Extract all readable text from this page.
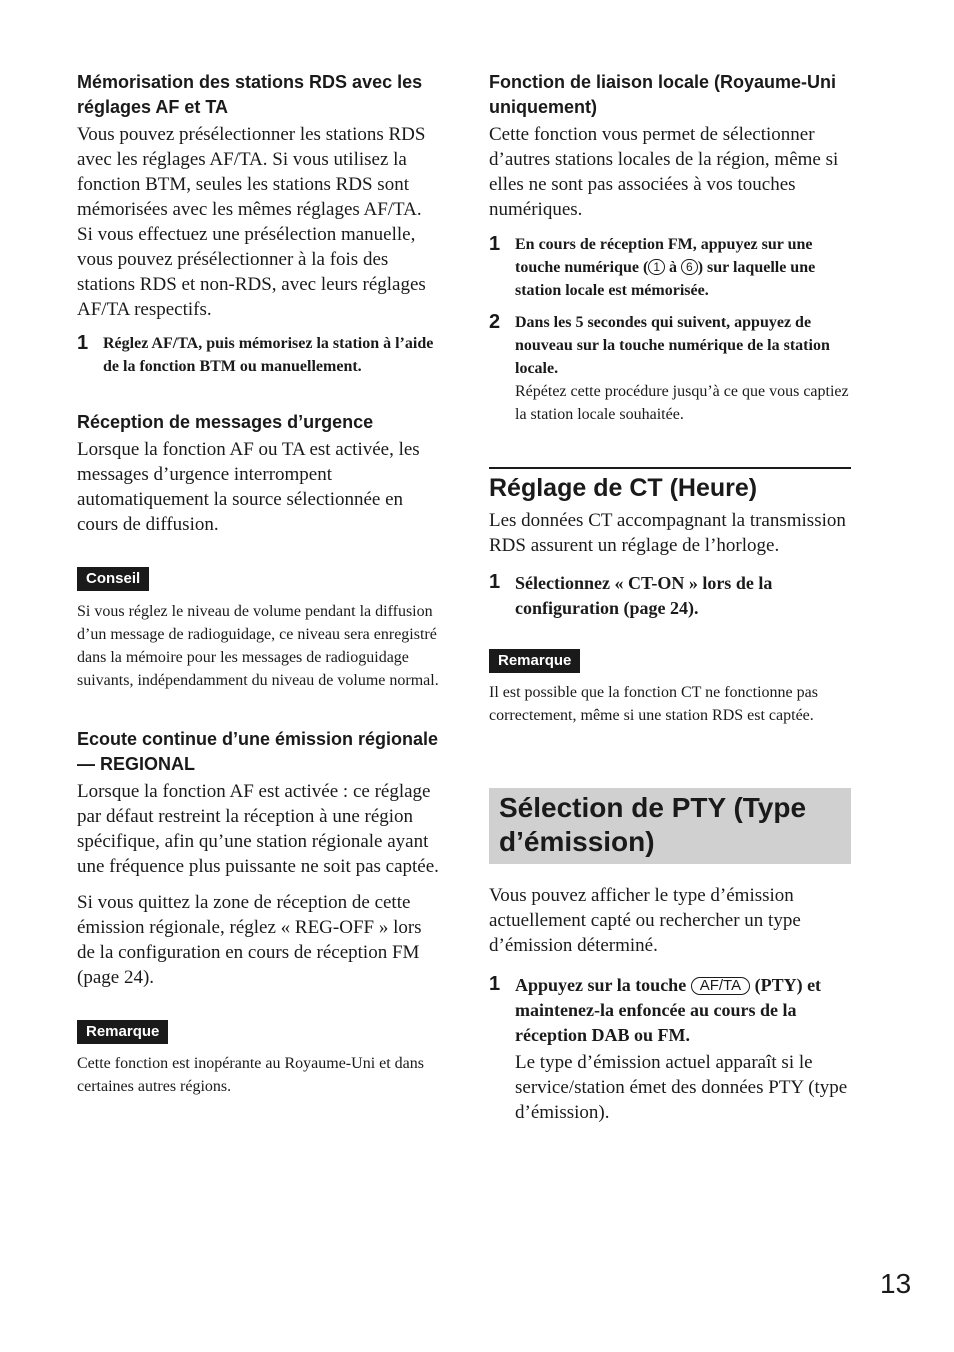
Mémorisation des stations RDS avec les réglages AF et TA

Vous pouvez présélectionner les stations RDS avec les réglages AF/TA. Si vous utilisez la fonction BTM, seules les stations RDS sont mémorisées avec les mêmes réglages AF/TA.

Si vous effectuez une présélection manuelle, vous pouvez présélectionner à la fois des stations RDS et non-RDS, avec leurs réglages AF/TA respectifs.

1 Réglez AF/TA, puis mémorisez la station à l’aide de la fonction BTM ou manuellement.
Réception de messages d’urgence

Lorsque la fonction AF ou TA est activée, les messages d’urgence interrompent automatiquement la source sélectionnée en cours de diffusion.

Conseil

Si vous réglez le niveau de volume pendant la diffusion d’un message de radioguidage, ce niveau sera enregistré dans la mémoire pour les messages de radioguidage suivants, indépendamment du niveau de volume normal.

Ecoute continue d’une émission régionale — REGIONAL

Lorsque la fonction AF est activée : ce réglage par défaut restreint la réception à une région spécifique, afin qu’une station régionale ayant une fréquence plus puissante ne soit pas captée.

Si vous quittez la zone de réception de cette émission régionale, réglez « REG-OFF » lors de la configuration en cours de réception FM (page 24).

Remarque

Cette fonction est inopérante au Royaume-Uni et dans certaines autres régions.

Fonction de liaison locale (Royaume-Uni uniquement)

Cette fonction vous permet de sélectionner d’autres stations locales de la région, même si elles ne sont pas associées à vos touches numériques.

1 En cours de réception FM, appuyez sur une touche numérique ( 1 à 6 ) sur laquelle une station locale est mémorisée.
2 Dans les 5 secondes qui suivent, appuyez de nouveau sur la touche numérique de la station locale.
Répétez cette procédure jusqu’à ce que vous captiez la station locale souhaitée.
Réglage de CT (Heure)

Les données CT accompagnant la transmission RDS assurent un réglage de l’horloge.

1 Sélectionnez « CT-ON » lors de la configuration (page 24).
Remarque

Il est possible que la fonction CT ne fonctionne pas correctement, même si une station RDS est captée.

Sélection de PTY (Type d’émission)

Vous pouvez afficher le type d’émission actuellement capté ou rechercher un type d’émission déterminé.

1 Appuyez sur la touche AF/TA (PTY) et maintenez-la enfoncée au cours de la réception DAB ou FM.
Le type d’émission actuel apparaît si le service/station émet des données PTY (type d’émission).
13
